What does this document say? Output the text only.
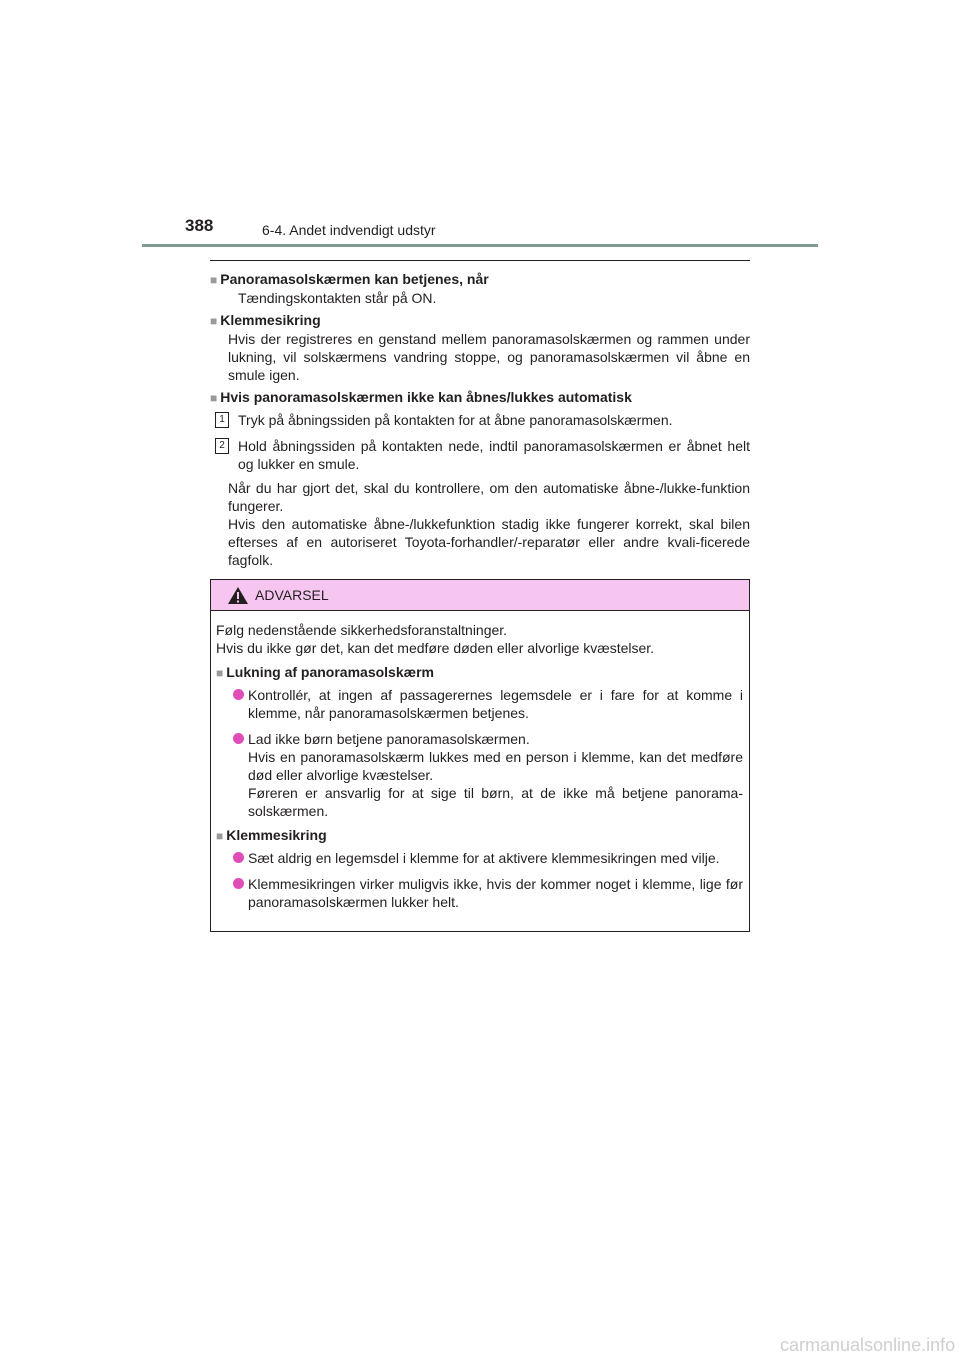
388	6-4. Andet indvendigt udstyr
■ Panoramasolskærmen kan betjenes, når
Tændingskontakten står på ON.
■ Klemmesikring
Hvis der registreres en genstand mellem panoramasolskærmen og rammen under lukning, vil solskærmens vandring stoppe, og panoramasolskærmen vil åbne en smule igen.
■ Hvis panoramasolskærmen ikke kan åbnes/lukkes automatisk
1 Tryk på åbningssiden på kontakten for at åbne panoramasolskærmen.
2 Hold åbningssiden på kontakten nede, indtil panoramasolskærmen er åbnet helt og lukker en smule.
Når du har gjort det, skal du kontrollere, om den automatiske åbne-/lukke-funktion fungerer.
Hvis den automatiske åbne-/lukkefunktion stadig ikke fungerer korrekt, skal bilen efterses af en autoriseret Toyota-forhandler/-reparatør eller andre kvali-ficerede fagfolk.
ADVARSEL
Følg nedenstående sikkerhedsforanstaltninger.
Hvis du ikke gør det, kan det medføre døden eller alvorlige kvæstelser.
■ Lukning af panoramasolskærm
Kontrollér, at ingen af passagerernes legemsdele er i fare for at komme i klemme, når panoramasolskærmen betjenes.
Lad ikke børn betjene panoramasolskærmen.
Hvis en panoramasolskærm lukkes med en person i klemme, kan det medføre død eller alvorlige kvæstelser.
Føreren er ansvarlig for at sige til børn, at de ikke må betjene panorama-solskærmen.
■ Klemmesikring
Sæt aldrig en legemsdel i klemme for at aktivere klemmesikringen med vilje.
Klemmesikringen virker muligvis ikke, hvis der kommer noget i klemme, lige før panoramasolskærmen lukker helt.
carmanualsonline.info
